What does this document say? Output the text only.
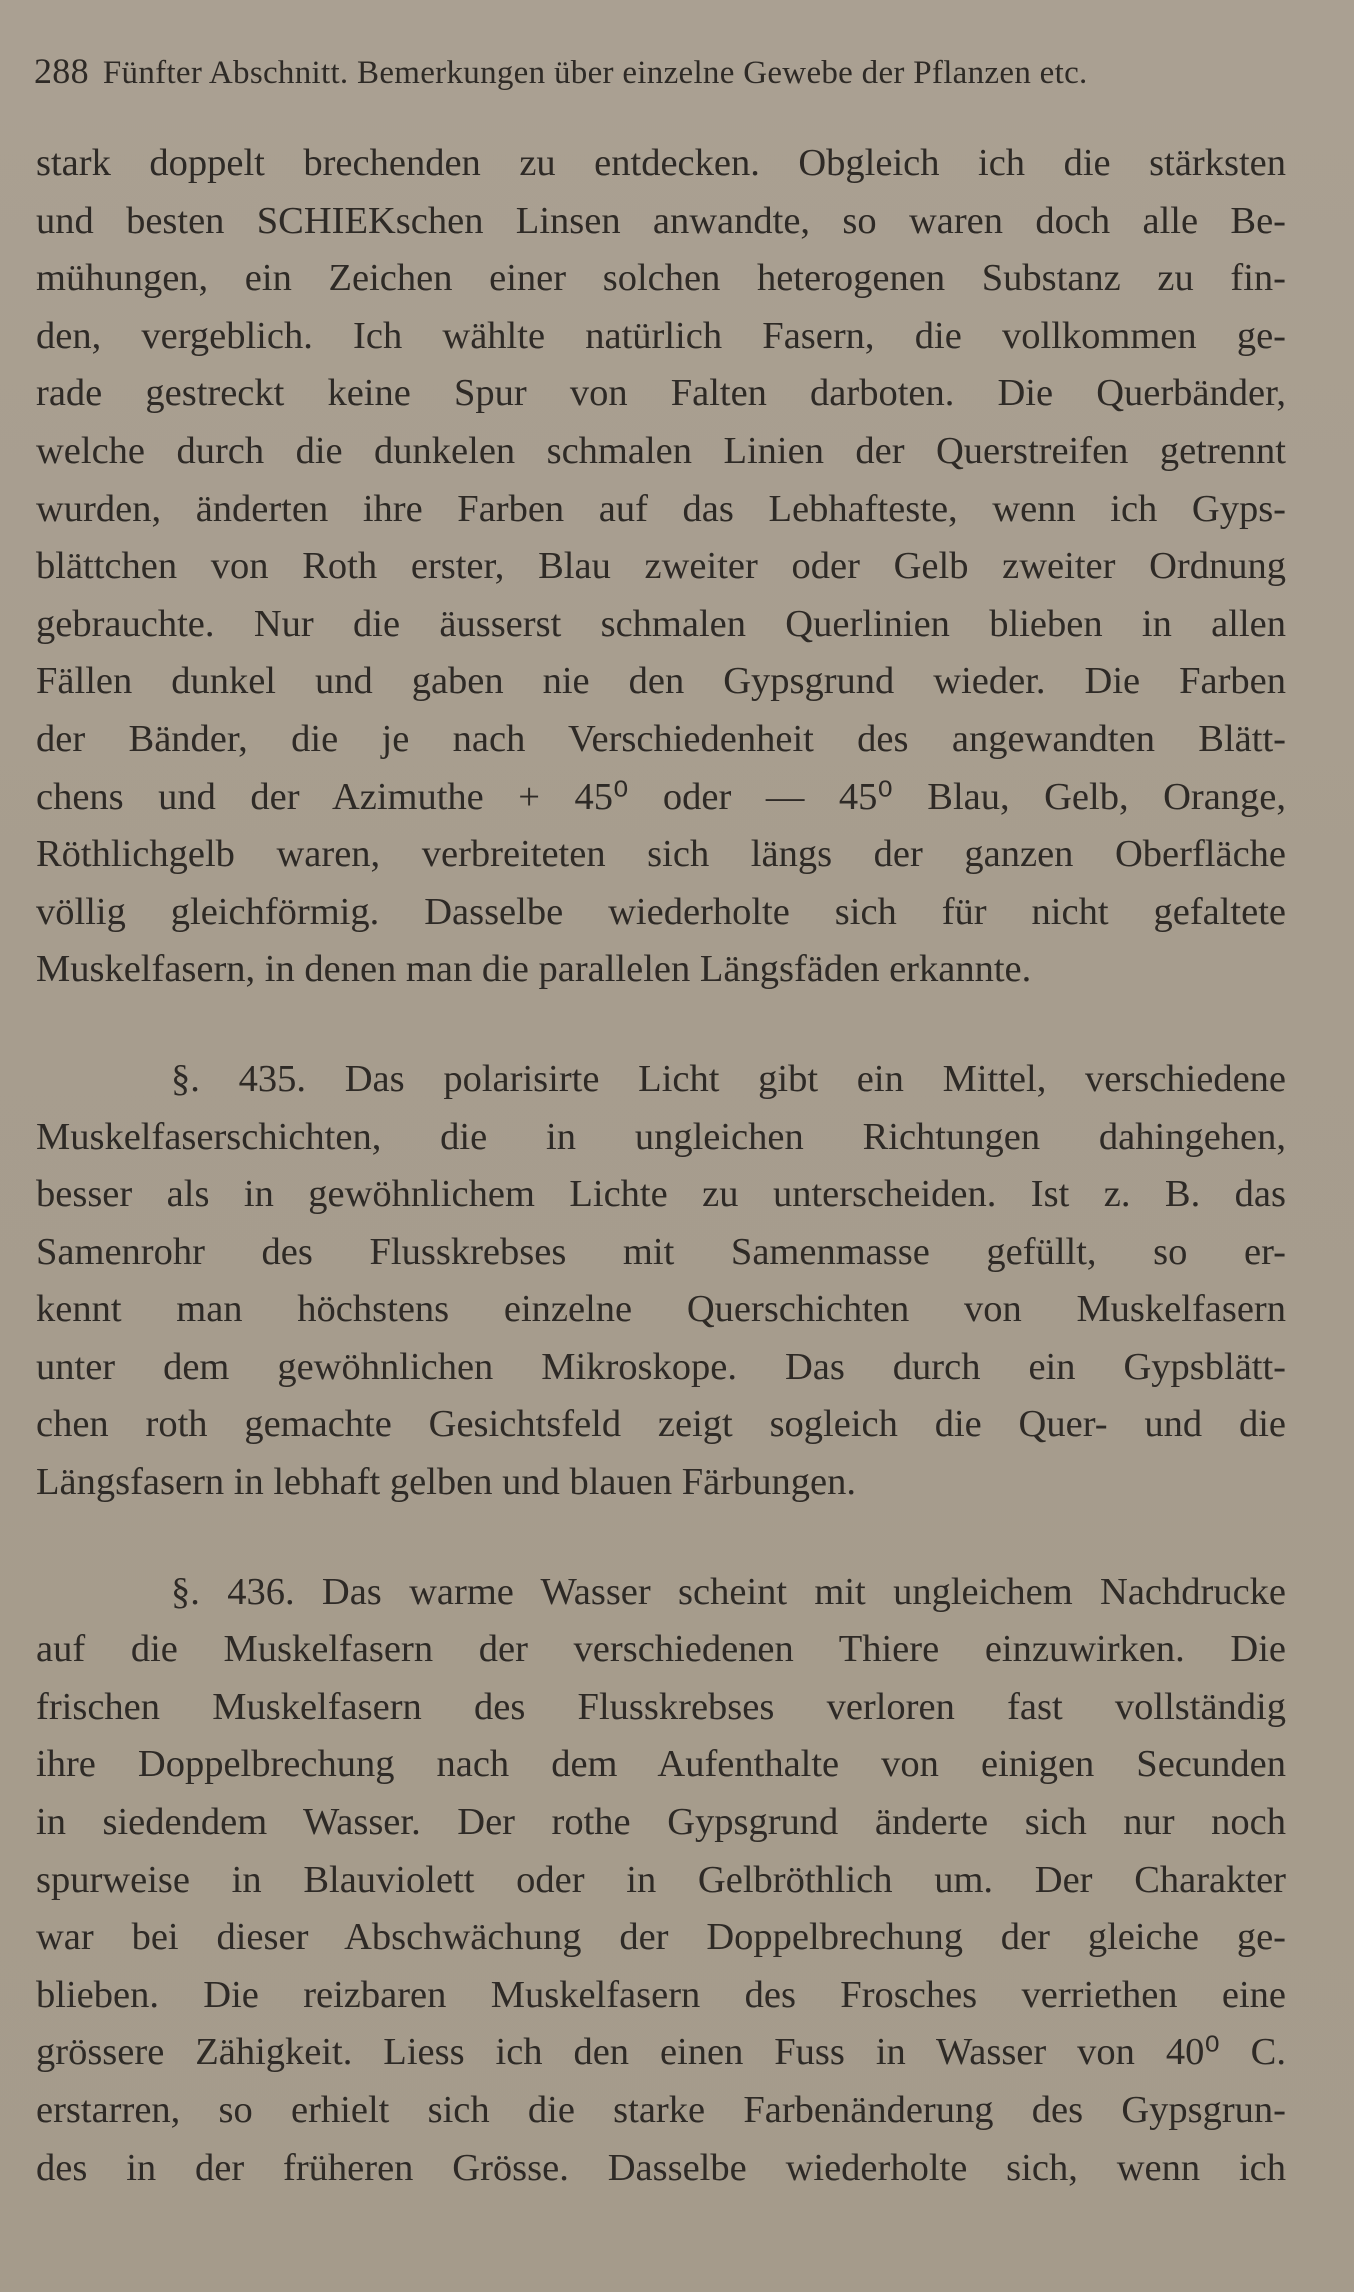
288 Fünfter Abschnitt. Bemerkungen über einzelne Gewebe der Pflanzen etc.
stark doppelt brechenden zu entdecken. Obgleich ich die stärksten
und besten SCHIEKschen Linsen anwandte, so waren doch alle Be-
mühungen, ein Zeichen einer solchen heterogenen Substanz zu fin-
den, vergeblich. Ich wählte natürlich Fasern, die vollkommen ge-
rade gestreckt keine Spur von Falten darboten. Die Querbänder,
welche durch die dunkelen schmalen Linien der Querstreifen getrennt
wurden, änderten ihre Farben auf das Lebhafteste, wenn ich Gyps-
blättchen von Roth erster, Blau zweiter oder Gelb zweiter Ordnung
gebrauchte. Nur die äusserst schmalen Querlinien blieben in allen
Fällen dunkel und gaben nie den Gypsgrund wieder. Die Farben
der Bänder, die je nach Verschiedenheit des angewandten Blätt-
chens und der Azimuthe + 45⁰ oder — 45⁰ Blau, Gelb, Orange,
Röthlichgelb waren, verbreiteten sich längs der ganzen Oberfläche
völlig gleichförmig. Dasselbe wiederholte sich für nicht gefaltete
Muskelfasern, in denen man die parallelen Längsfäden erkannte.
§. 435. Das polarisirte Licht gibt ein Mittel, verschiedene
Muskelfaserschichten, die in ungleichen Richtungen dahingehen,
besser als in gewöhnlichem Lichte zu unterscheiden. Ist z. B. das
Samenrohr des Flusskrebses mit Samenmasse gefüllt, so er-
kennt man höchstens einzelne Querschichten von Muskelfasern
unter dem gewöhnlichen Mikroskope. Das durch ein Gypsblätt-
chen roth gemachte Gesichtsfeld zeigt sogleich die Quer- und die
Längsfasern in lebhaft gelben und blauen Färbungen.
§. 436. Das warme Wasser scheint mit ungleichem Nachdrucke
auf die Muskelfasern der verschiedenen Thiere einzuwirken. Die
frischen Muskelfasern des Flusskrebses verloren fast vollständig
ihre Doppelbrechung nach dem Aufenthalte von einigen Secunden
in siedendem Wasser. Der rothe Gypsgrund änderte sich nur noch
spurweise in Blauviolett oder in Gelbröthlich um. Der Charakter
war bei dieser Abschwächung der Doppelbrechung der gleiche ge-
blieben. Die reizbaren Muskelfasern des Frosches verriethen eine
grössere Zähigkeit. Liess ich den einen Fuss in Wasser von 40⁰ C.
erstarren, so erhielt sich die starke Farbenänderung des Gypsgrun-
des in der früheren Grösse. Dasselbe wiederholte sich, wenn ich
